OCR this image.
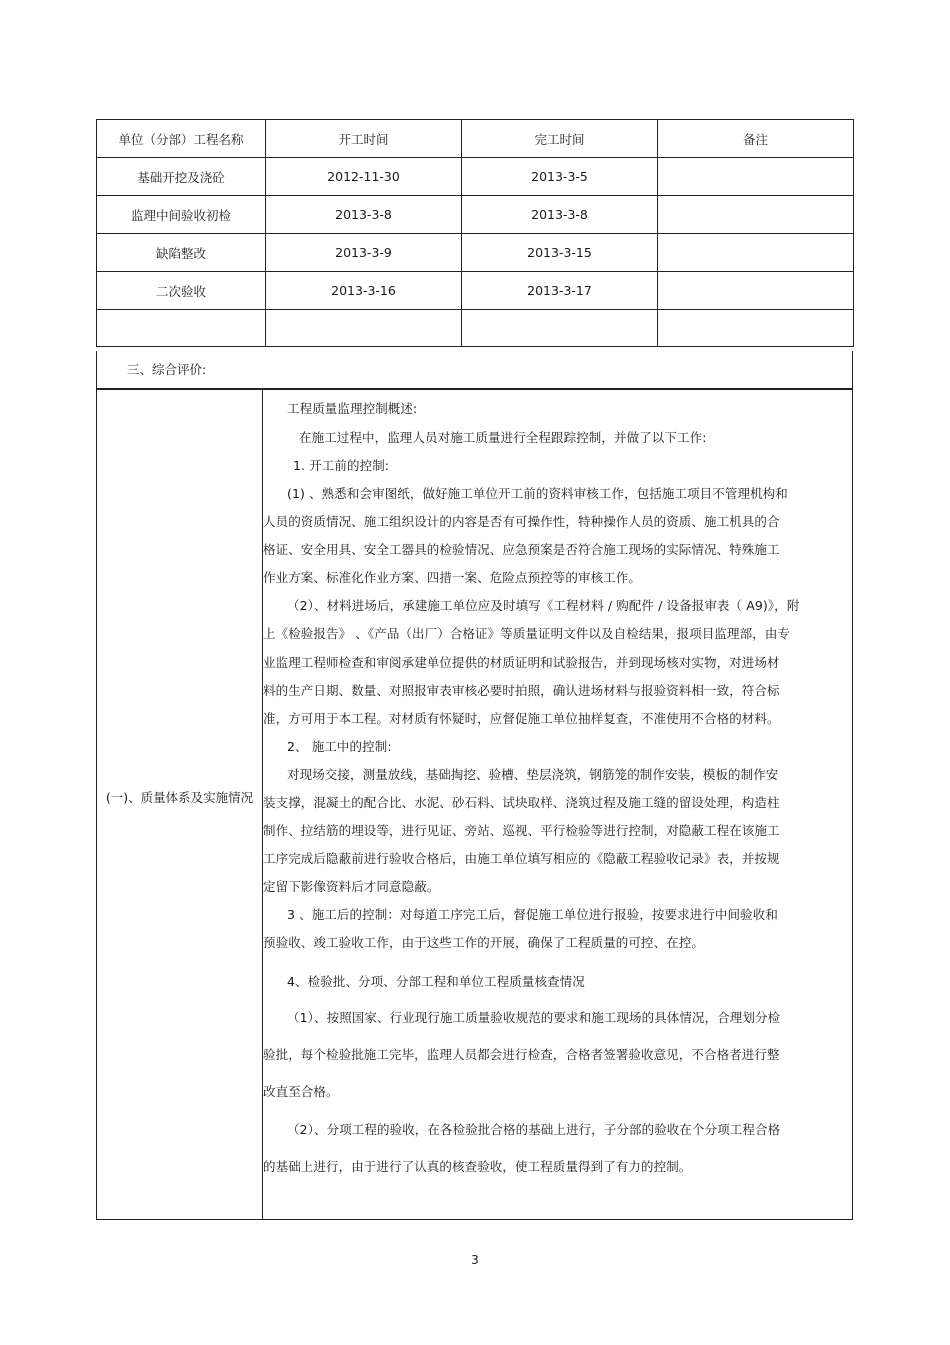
单位（分部）工程名称	开工时间	完工时间	备注
基础开挖及浇砼	2012-11-30	2013-3-5	
监理中间验收初检	2013-3-8	2013-3-8	
缺陷整改	2013-3-9	2013-3-15	
二次验收	2013-3-16	2013-3-17	

三、综合评价:
(一)、质量体系及实施情况
工程质量监理控制概述:
在施工过程中，监理人员对施工质量进行全程跟踪控制，并做了以下工作:
1. 开工前的控制:
(1) 、熟悉和会审图纸，做好施工单位开工前的资料审核工作，包括施工项目不管理机构和
人员的资质情况、施工组织设计的内容是否有可操作性，特种操作人员的资质、施工机具的合
格证、安全用具、安全工器具的检验情况、应急预案是否符合施工现场的实际情况、特殊施工
作业方案、标准化作业方案、四措一案、危险点预控等的审核工作。
（2）、材料进场后，承建施工单位应及时填写《工程材料 / 购配件 / 设备报审表（ A9)》，附
上《检验报告》 、《产品（出厂）合格证》等质量证明文件以及自检结果，报项目监理部，由专
业监理工程师检查和审阅承建单位提供的材质证明和试验报告，并到现场核对实物，对进场材
料的生产日期、数量、对照报审表审核必要时拍照，确认进场材料与报验资料相一致，符合标
准，方可用于本工程。对材质有怀疑时，应督促施工单位抽样复查，不准使用不合格的材料。
2、 施工中的控制:
对现场交接，测量放线，基础掏挖、验槽、垫层浇筑，钢筋笼的制作安装，模板的制作安
装支撑，混凝土的配合比、水泥、砂石料、试块取样、浇筑过程及施工缝的留设处理，构造柱
制作、拉结筋的埋设等，进行见证、旁站、巡视、平行检验等进行控制，对隐蔽工程在该施工
工序完成后隐蔽前进行验收合格后，由施工单位填写相应的《隐蔽工程验收记录》表，并按规
定留下影像资料后才同意隐蔽。
3 、施工后的控制：对每道工序完工后，督促施工单位进行报验，按要求进行中间验收和
预验收、竣工验收工作，由于这些工作的开展，确保了工程质量的可控、在控。
4、检验批、分项、分部工程和单位工程质量核查情况
（1）、按照国家、行业现行施工质量验收规范的要求和施工现场的具体情况，合理划分检
验批，每个检验批施工完毕，监理人员都会进行检查，合格者签署验收意见，不合格者进行整
改直至合格。
（2）、分项工程的验收，在各检验批合格的基础上进行，子分部的验收在个分项工程合格
的基础上进行，由于进行了认真的核查验收，使工程质量得到了有力的控制。
3
